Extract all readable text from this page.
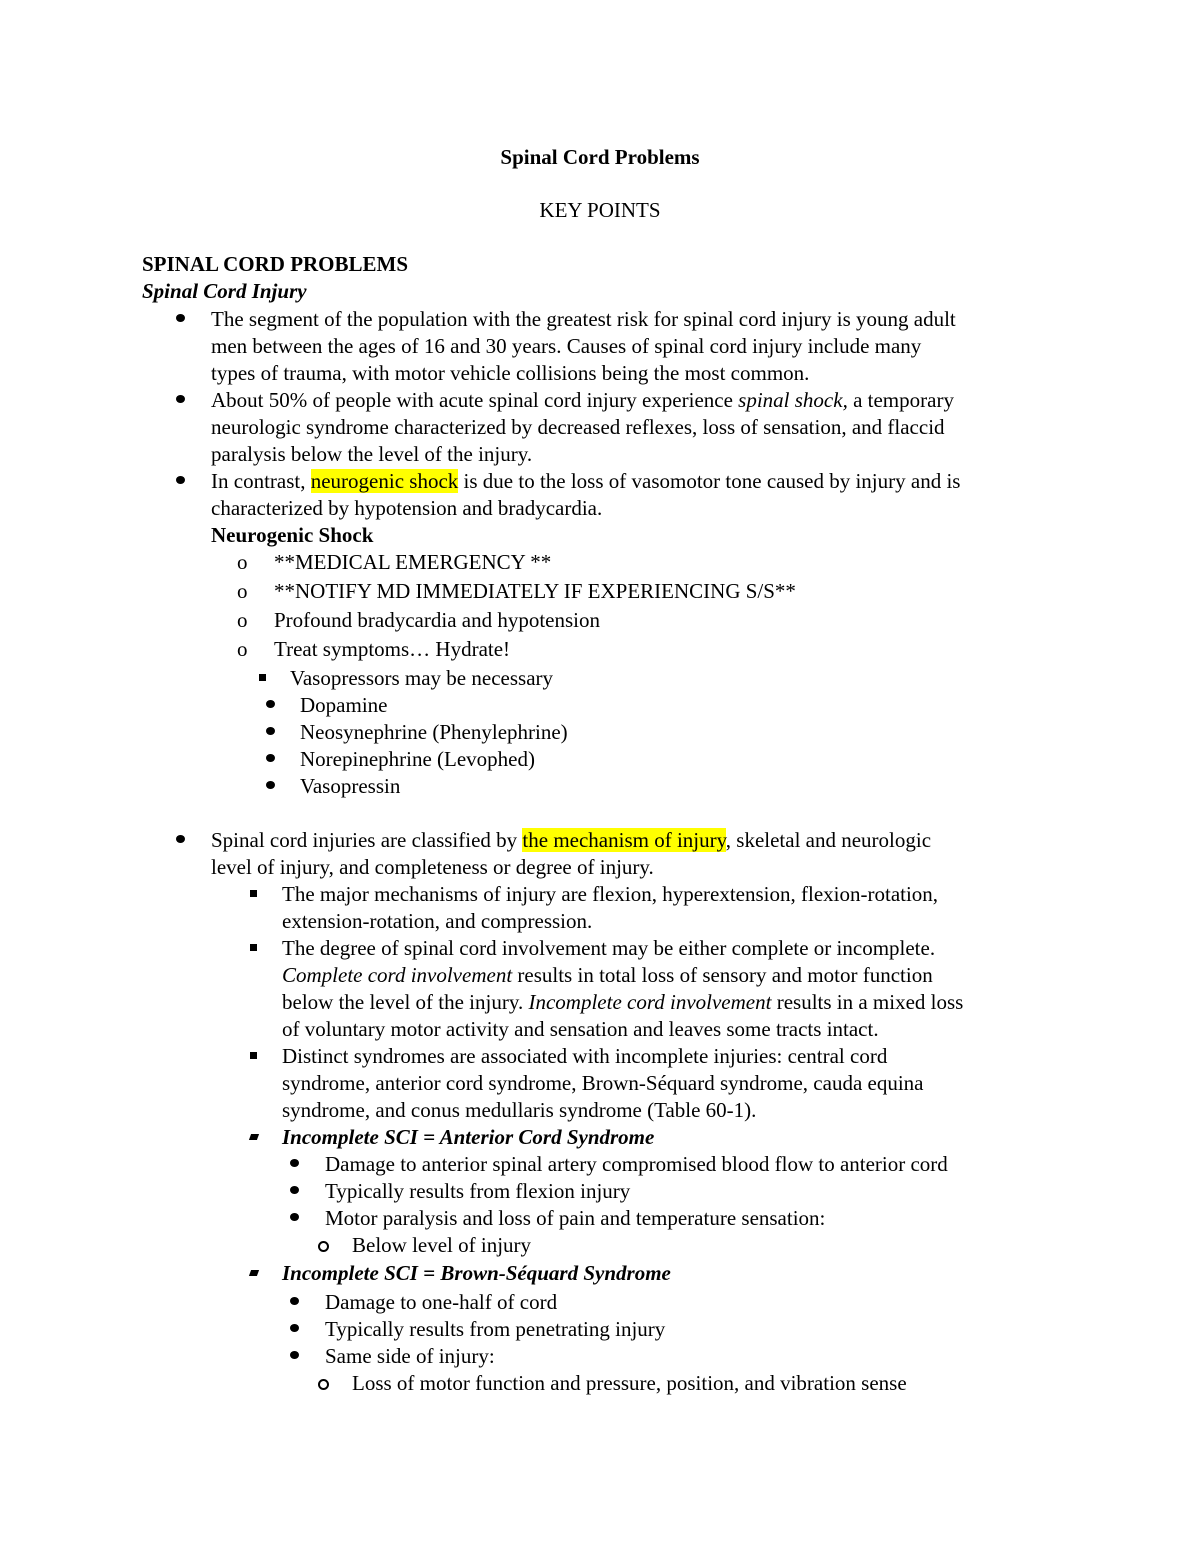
Spinal Cord Problems
KEY POINTS
SPINAL CORD PROBLEMS
Spinal Cord Injury
The segment of the population with the greatest risk for spinal cord injury is young adult
men between the ages of 16 and 30 years. Causes of spinal cord injury include many
types of trauma, with motor vehicle collisions being the most common.
About 50% of people with acute spinal cord injury experience spinal shock, a temporary
neurologic syndrome characterized by decreased reflexes, loss of sensation, and flaccid
paralysis below the level of the injury.
In contrast, neurogenic shock is due to the loss of vasomotor tone caused by injury and is
characterized by hypotension and bradycardia.
Neurogenic Shock
o **MEDICAL EMERGENCY **
o **NOTIFY MD IMMEDIATELY IF EXPERIENCING S/S**
o Profound bradycardia and hypotension
o Treat symptoms… Hydrate!
Vasopressors may be necessary
Dopamine
Neosynephrine (Phenylephrine)
Norepinephrine (Levophed)
Vasopressin
Spinal cord injuries are classified by the mechanism of injury, skeletal and neurologic
level of injury, and completeness or degree of injury.
The major mechanisms of injury are flexion, hyperextension, flexion-rotation,
extension-rotation, and compression.
The degree of spinal cord involvement may be either complete or incomplete.
Complete cord involvement results in total loss of sensory and motor function
below the level of the injury. Incomplete cord involvement results in a mixed loss
of voluntary motor activity and sensation and leaves some tracts intact.
Distinct syndromes are associated with incomplete injuries: central cord
syndrome, anterior cord syndrome, Brown-Séquard syndrome, cauda equina
syndrome, and conus medullaris syndrome (Table 60-1).
Incomplete SCI = Anterior Cord Syndrome
Damage to anterior spinal artery compromised blood flow to anterior cord
Typically results from flexion injury
Motor paralysis and loss of pain and temperature sensation:
Below level of injury
Incomplete SCI = Brown-Séquard Syndrome
Damage to one-half of cord
Typically results from penetrating injury
Same side of injury:
Loss of motor function and pressure, position, and vibration sense
